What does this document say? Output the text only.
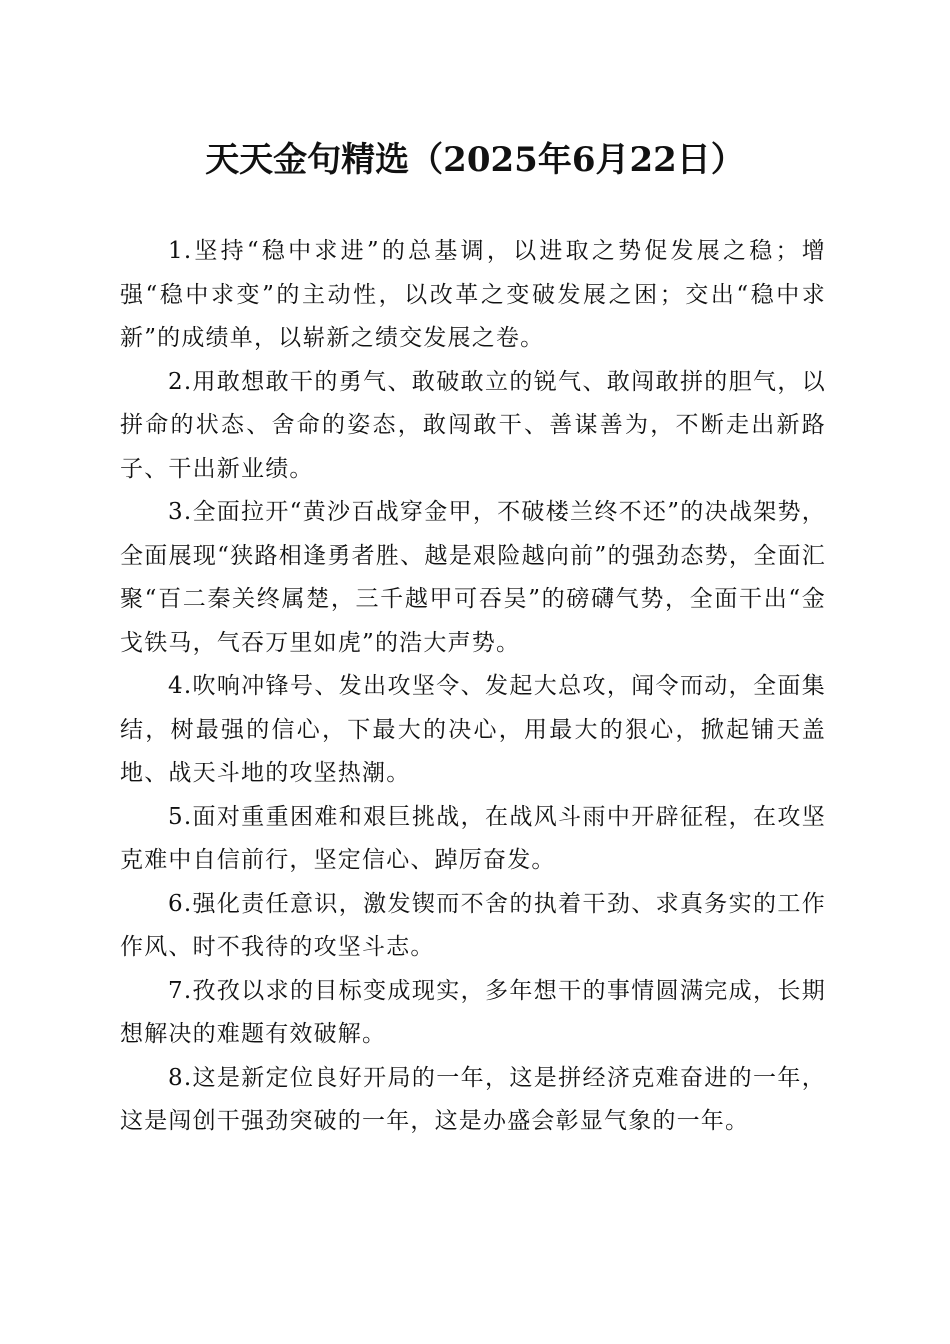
天天金句精选（2025年6月22日）

1.坚持“稳中求进”的总基调，以进取之势促发展之稳；增强“稳中求变”的主动性，以改革之变破发展之困；交出“稳中求新”的成绩单，以崭新之绩交发展之卷。

2.用敢想敢干的勇气、敢破敢立的锐气、敢闯敢拼的胆气，以拼命的状态、舍命的姿态，敢闯敢干、善谋善为，不断走出新路子、干出新业绩。

3.全面拉开“黄沙百战穿金甲，不破楼兰终不还”的决战架势，全面展现“狭路相逢勇者胜、越是艰险越向前”的强劲态势，全面汇聚“百二秦关终属楚，三千越甲可吞吴”的磅礴气势，全面干出“金戈铁马，气吞万里如虎”的浩大声势。

4.吹响冲锋号、发出攻坚令、发起大总攻，闻令而动，全面集结，树最强的信心，下最大的决心，用最大的狠心，掀起铺天盖地、战天斗地的攻坚热潮。

5.面对重重困难和艰巨挑战，在战风斗雨中开辟征程，在攻坚克难中自信前行，坚定信心、踔厉奋发。

6.强化责任意识，激发锲而不舍的执着干劲、求真务实的工作作风、时不我待的攻坚斗志。

7.孜孜以求的目标变成现实，多年想干的事情圆满完成，长期想解决的难题有效破解。

8.这是新定位良好开局的一年，这是拼经济克难奋进的一年，这是闯创干强劲突破的一年，这是办盛会彰显气象的一年。
